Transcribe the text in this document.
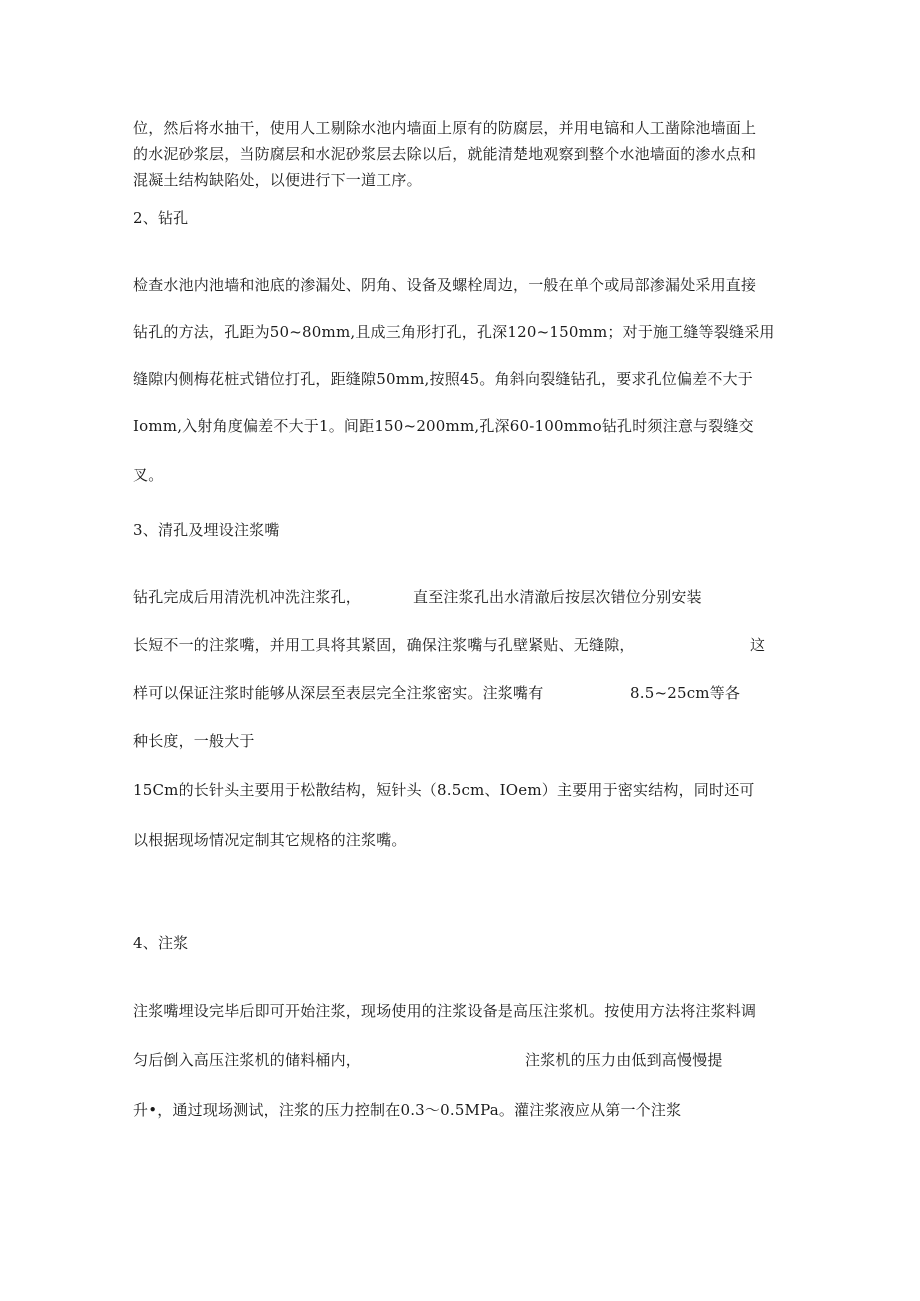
位，然后将水抽干，使用人工剔除水池内墙面上原有的防腐层，并用电镐和人工凿除池墙面上
的水泥砂浆层，当防腐层和水泥砂浆层去除以后，就能清楚地观察到整个水池墙面的渗水点和
混凝土结构缺陷处，以便进行下一道工序。
2、钻孔
检查水池内池墙和池底的渗漏处、阴角、设备及螺栓周边，一般在单个或局部渗漏处采用直接
钻孔的方法，孔距为50~80mm,且成三角形打孔，孔深120~150mm；对于施工缝等裂缝采用
缝隙内侧梅花桩式错位打孔，距缝隙50mm,按照45。角斜向裂缝钻孔，要求孔位偏差不大于
Iomm,入射角度偏差不大于1。间距150~200mm,孔深60-100mmo钻孔时须注意与裂缝交
叉。
3、清孔及埋设注浆嘴
钻孔完成后用清洗机冲洗注浆孔，	直至注浆孔出水清澈后按层次错位分别安装
长短不一的注浆嘴，并用工具将其紧固，确保注浆嘴与孔壁紧贴、无缝隙，	这
样可以保证注浆时能够从深层至表层完全注浆密实。注浆嘴有	8.5~25cm等各
种长度，一般大于
15Cm的长针头主要用于松散结构，短针头（8.5cm、IOem）主要用于密实结构，同时还可
以根据现场情况定制其它规格的注浆嘴。
4、注浆
注浆嘴埋设完毕后即可开始注浆，现场使用的注浆设备是高压注浆机。按使用方法将注浆料调
匀后倒入高压注浆机的储料桶内，	注浆机的压力由低到高慢慢提
升•，通过现场测试，注浆的压力控制在0.3～0.5MPa。灌注浆液应从第一个注浆
